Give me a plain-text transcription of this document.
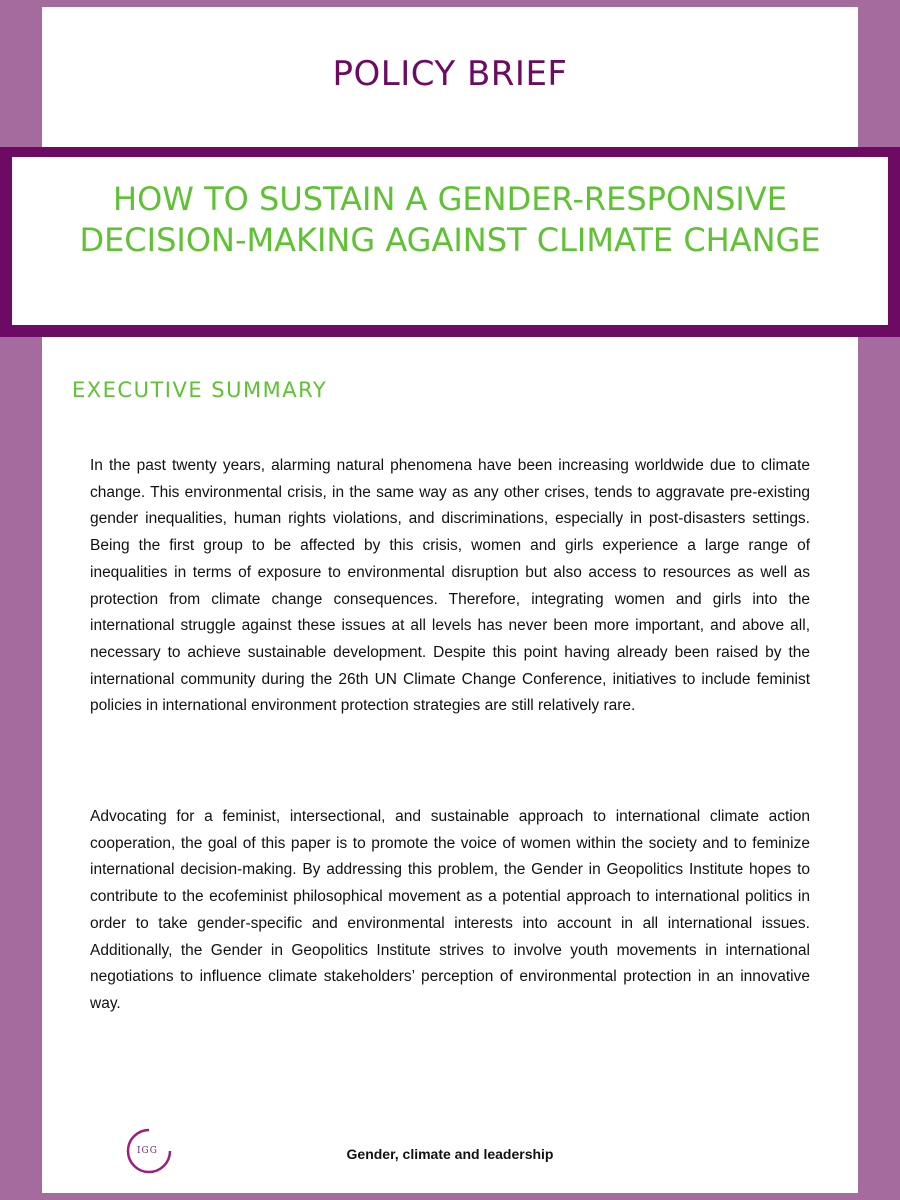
POLICY BRIEF
HOW TO SUSTAIN A GENDER-RESPONSIVE DECISION-MAKING AGAINST CLIMATE CHANGE
EXECUTIVE SUMMARY

In the past twenty years, alarming natural phenomena have been increasing worldwide due to climate change. This environmental crisis, in the same way as any other crises, tends to aggravate pre-existing gender inequalities, human rights violations, and discriminations, especially in post-disasters settings. Being the first group to be affected by this crisis, women and girls experience a large range of inequalities in terms of exposure to environmental disruption but also access to resources as well as protection from climate change consequences. Therefore, integrating women and girls into the international struggle against these issues at all levels has never been more important, and above all, necessary to achieve sustainable development. Despite this point having already been raised by the international community during the 26th UN Climate Change Conference, initiatives to include feminist policies in international environment protection strategies are still relatively rare.

Advocating for a feminist, intersectional, and sustainable approach to international climate action cooperation, the goal of this paper is to promote the voice of women within the society and to feminize international decision-making. By addressing this problem, the Gender in Geopolitics Institute hopes to contribute to the ecofeminist philosophical movement as a potential approach to international politics in order to take gender-specific and environmental interests into account in all international issues. Additionally, the Gender in Geopolitics Institute strives to involve youth movements in international negotiations to influence climate stakeholders’ perception of environmental protection in an innovative way.

IGG	Gender, climate and leadership
